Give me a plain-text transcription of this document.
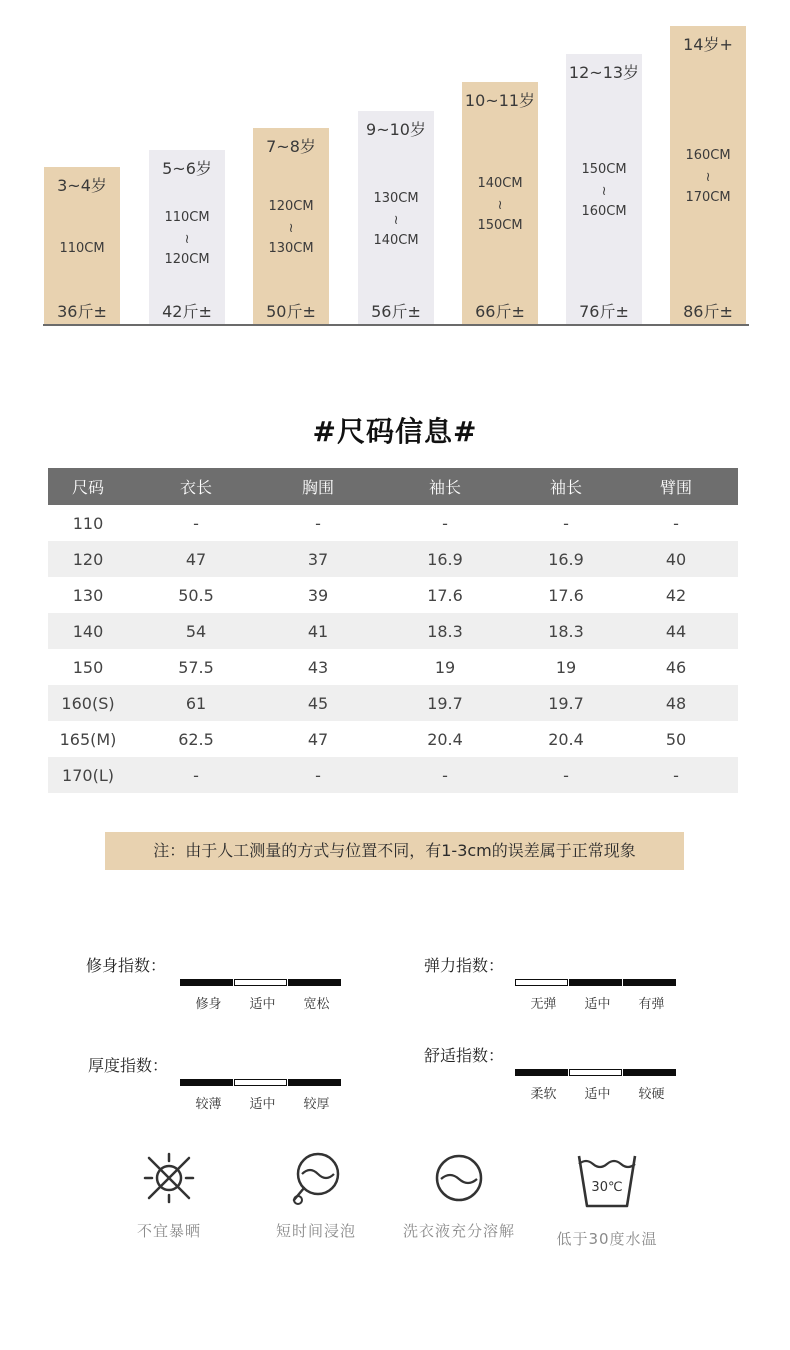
3~4岁
110CM
36斤±
5~6岁
110CM
≀
120CM
42斤±
7~8岁
120CM
≀
130CM
50斤±
9~10岁
130CM
≀
140CM
56斤±
10~11岁
140CM
≀
150CM
66斤±
12~13岁
150CM
≀
160CM
76斤±
14岁+
160CM
≀
170CM
86斤±
#尺码信息#
尺码	衣长	胸围	袖长	袖长	臂围
110	-	-	-	-	-
120	47	37	16.9	16.9	40
130	50.5	39	17.6	17.6	42
140	54	41	18.3	18.3	44
150	57.5	43	19	19	46
160(S)	61	45	19.7	19.7	48
165(M)	62.5	47	20.4	20.4	50
170(L)	-	-	-	-	-
注：由于人工测量的方式与位置不同，有1-3cm的误差属于正常现象
修身指数：
修身 适中 宽松
弹力指数：
无弹 适中 有弹
厚度指数：
较薄 适中 较厚
舒适指数：
柔软 适中 较硬
不宜暴晒	短时间浸泡	洗衣液充分溶解
30℃
低于30度水温
